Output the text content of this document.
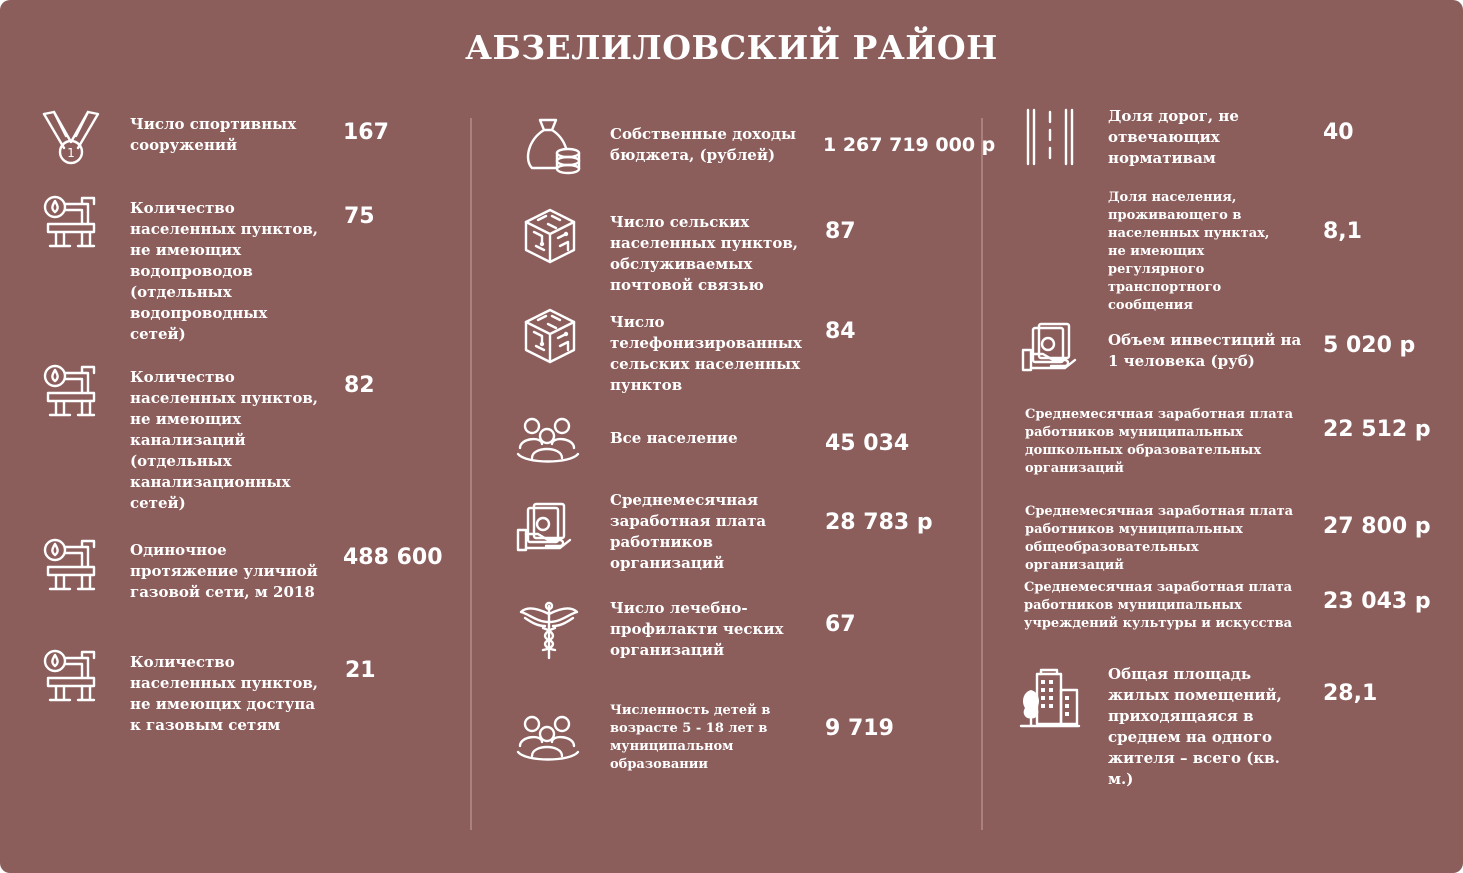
АБЗЕЛИЛОВСКИЙ РАЙОН
1
Число спортивных сооружений	167
Количество населенных пунктов, не имеющих водопроводов (отдельных водопроводных сетей)
75
Количество населенных пунктов, не имеющих канализаций (отдельных канализационных сетей)
82
Одиночное протяжение уличной газовой сети, м 2018
488 600
Количество населенных пунктов, не имеющих доступа к газовым сетям
21
Собственные доходы бюджета, (рублей)	1 267 719 000 р
Число сельских населенных пунктов, обслуживаемых почтовой связью
87
Число телефонизированных сельских населенных пунктов
84
Все население	45 034
Среднемесячная заработная плата работников организаций
28 783 р
Число лечебно-профилакти ческих организаций
67
Численность детей в возрасте 5 - 18 лет в муниципальном образовании
9 719
Доля дорог, не отвечающих нормативам
40
Доля населения, проживающего в населенных пунктах, не имеющих регулярного транспортного сообщения
8,1
Объем инвестиций на 1 человека (руб)
5 020 р
Среднемесячная заработная плата работников муниципальных дошкольных образовательных организаций
22 512 р
Среднемесячная заработная плата работников муниципальных общеобразовательных организаций
27 800 р
Среднемесячная заработная плата работников муниципальных учреждений культуры и искусства
23 043 р
Общая площадь жилых помещений, приходящаяся в среднем на одного жителя – всего (кв. м.)
28,1
